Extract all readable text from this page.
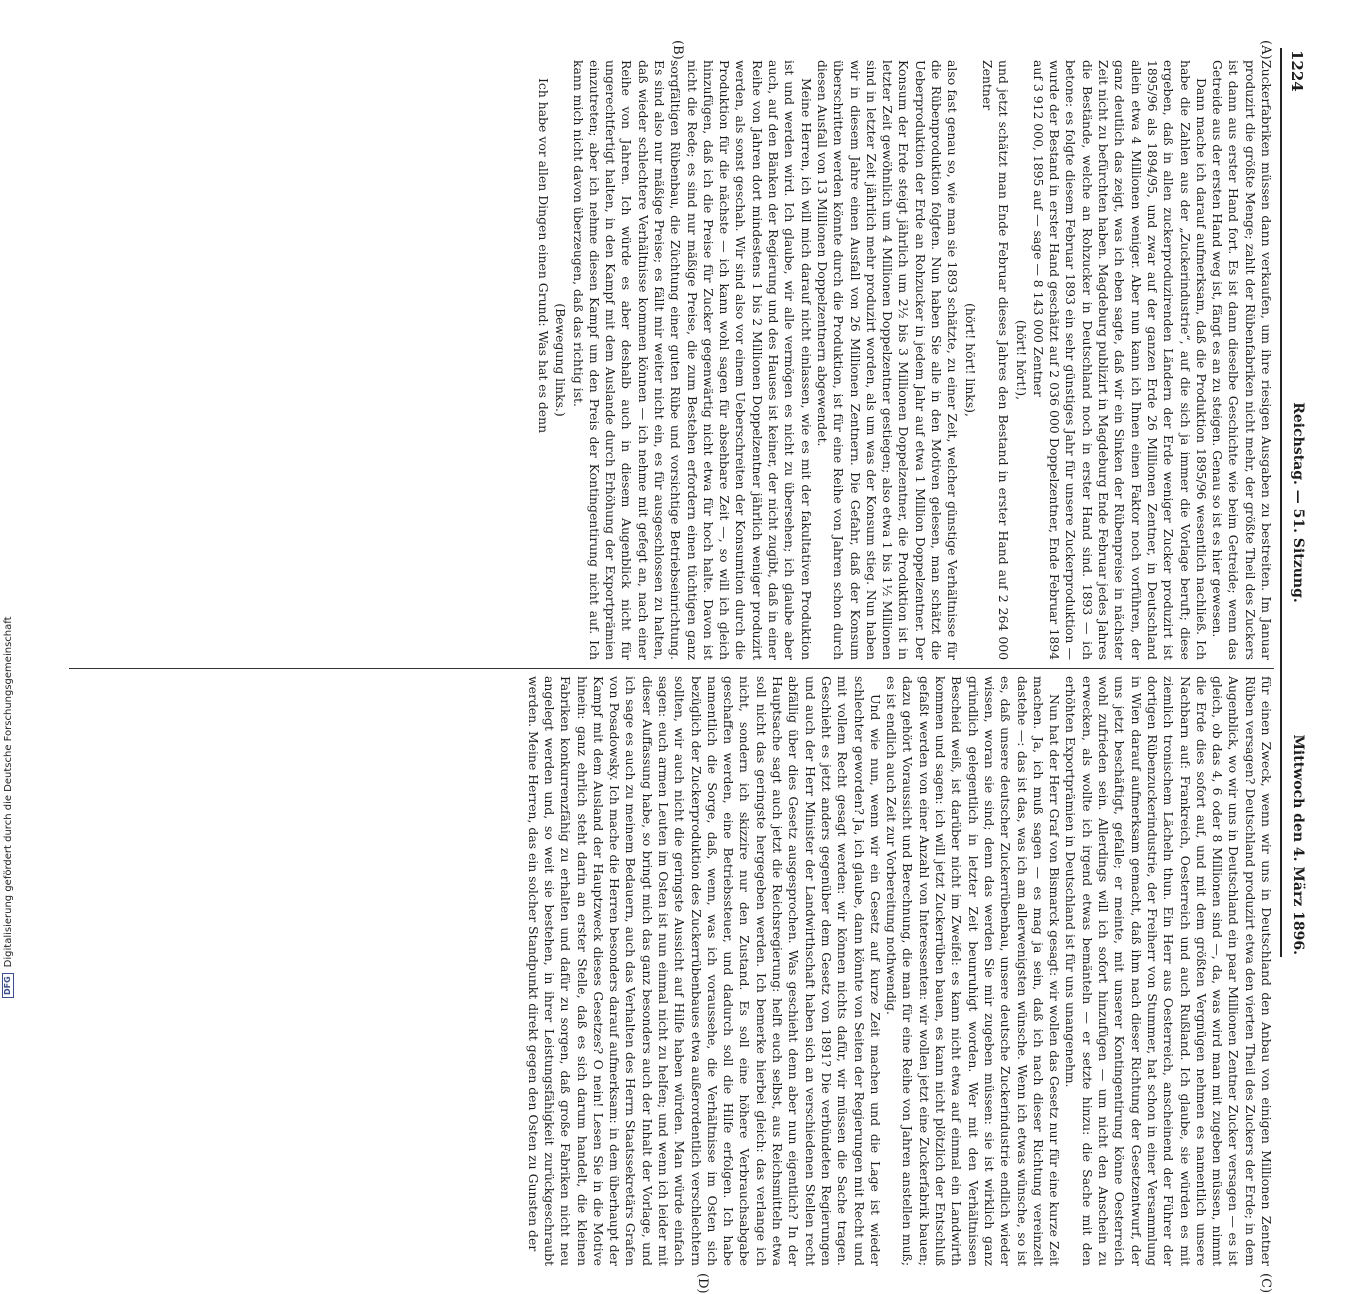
1224
Reichstag. — 51. Sitzung.
Mittwoch den 4. März 1896.
(A)
(B)
(C)
(D)

Zuckerfabriken müssen dann verkaufen, um ihre riesigen Ausgaben zu bestreiten. Im Januar produzirt die größte Menge; zahlt der Rübenfabriken nicht mehr, der größte Theil des Zuckers ist dann aus erster Hand fort. Es ist dann dieselbe Geschichte wie beim Getreide; wenn das Getreide aus der ersten Hand weg ist, fängt es an zu steigen. Genau so ist es hier gewesen.

Dann mache ich darauf aufmerksam, daß die Produktion 1895/96 wesentlich nachließ. Ich habe die Zahlen aus der „Zuckerindustrie“, auf die sich ja immer die Vorlage beruft; diese ergeben, daß in allen zuckerproduzirenden Ländern der Erde weniger Zucker produzirt ist 1895/96 als 1894/95, und zwar auf der ganzen Erde 26 Millionen Zentner, in Deutschland allein etwa 4 Millionen weniger. Aber nun kann ich Ihnen einen Faktor noch vorführen, der ganz deutlich das zeigt, was ich eben sagte, daß wir ein Sinken der Rübenpreise in nächster Zeit nicht zu befürchten haben. Magdeburg publizirt in Magdeburg Ende Februar jedes Jahres die Bestände, welche an Rohzucker in Deutschland noch in erster Hand sind. 1893 — ich betone: es folgte diesem Februar 1893 ein sehr günstiges Jahr für unsere Zuckerproduktion — wurde der Bestand in erster Hand geschätzt auf 2 036 000 Doppelzentner, Ende Februar 1894 auf 3 912 000, 1895 auf — sage — 8 143 000 Zentner

(hört! hört!),

und jetzt schätzt man Ende Februar dieses Jahres den Bestand in erster Hand auf 2 264 000 Zentner

(hört! hört! links),

also fast genau so, wie man sie 1893 schätzte, zu einer Zeit, welcher günstige Verhältnisse für die Rübenproduktion folgten. Nun haben Sie alle in den Motiven gelesen, man schätzt die Ueberproduktion der Erde an Rohzucker in jedem Jahr auf etwa 1 Million Doppelzentner. Der Konsum der Erde steigt jährlich um 2½ bis 3 Millionen Doppelzentner, die Produktion ist in letzter Zeit gewöhnlich um 4 Millionen Doppelzentner gestiegen; also etwa 1 bis 1½ Millionen sind in letzter Zeit jährlich mehr produzirt worden, als um was der Konsum stieg. Nun haben wir in diesem Jahre einen Ausfall von 26 Millionen Zentnern. Die Gefahr, daß der Konsum überschritten werden könnte durch die Produktion, ist für eine Reihe von Jahren schon durch diesen Ausfall von 13 Millionen Doppelzentnern abgewendet.

Meine Herren, ich will mich darauf nicht einlassen, wie es mit der fakultativen Produktion ist und werden wird. Ich glaube, wir alle vermögen es nicht zu übersehen; ich glaube aber auch, auf den Bänken der Regierung und des Hauses ist keiner, der nicht zugibt, daß in einer Reihe von Jahren dort mindestens 1 bis 2 Millionen Doppelzentner jährlich weniger produzirt werden, als sonst geschah. Wir sind also vor einem Ueberschreiten der Konsumtion durch die Produktion für die nächste — ich kann wohl sagen für absehbare Zeit —, so will ich gleich hinzufügen, daß ich die Preise für Zucker gegenwärtig nicht etwa für hoch halte. Davon ist nicht die Rede; es sind nur mäßige Preise, die zum Bestehen erfordern einen tüchtigen ganz sorgfältigen Rübenbau, die Züchtung einer guten Rübe und vorsichtige Betriebseinrichtung. Es sind also nur mäßige Preise; es fällt mir weiter nicht ein, es für ausgeschlossen zu halten, daß wieder schlechtere Verhältnisse kommen können — ich nehme mit gefegt an, nach einer Reihe von Jahren. Ich würde es aber deshalb auch in diesem Augenblick nicht für ungerechtfertigt halten, in den Kampf mit dem Auslande durch Erhöhung der Exportprämien einzutreten; aber ich nehme diesen Kampf um den Preis der Kontingentirung nicht auf. Ich kann mich nicht davon überzeugen, daß das richtig ist.

(Bewegung links.)

Ich habe vor allen Dingen einen Grund: Was hat es denn

für einen Zweck, wenn wir uns in Deutschland den Anbau von einigen Millionen Zentner Rüben versagen? Deutschland produzirt etwa den vierten Theil des Zuckers der Erde; in dem Augenblick, wo wir uns in Deutschland ein paar Millionen Zentner Zucker versagen — es ist gleich, ob das 4, 6 oder 8 Millionen sind —, da, was wird man mit zugeben müssen, nimmt die Erde dies sofort auf, und mit dem größten Vergnügen nehmen es namentlich unsere Nachbarn auf: Frankreich, Oesterreich und auch Rußland. Ich glaube, sie würden es mit ziemlich tronischem Lächeln thun. Ein Herr aus Oesterreich, anscheinend der Führer der dortigen Rübenzuckerindustrie, der Freiherr von Stummer, hat schon in einer Versammlung in Wien darauf aufmerksam gemacht, daß ihm nach dieser Richtung der Gesetzentwurf, der uns jetzt beschäftigt, gefalle; er meinte, mit unserer Kontingentirung könne Oesterreich wohl zufrieden sein. Allerdings will ich sofort hinzufügen — um nicht den Anschein zu erwecken, als wollte ich irgend etwas bemänteln — er setzte hinzu: die Sache mit den erhöhten Exportprämien in Deutschland ist für uns unangenehm.

Nun hat der Herr Graf von Bismarck gesagt: wir wollen das Gesetz nur für eine kurze Zeit machen. Ja, ich muß sagen — es mag ja sein, daß ich nach dieser Richtung vereinzelt dastehe —: das ist das, was ich am allerwenigsten wünsche. Wenn ich etwas wünsche, so ist es, daß unsere deutscher Zuckerrübenbau, unsere deutsche Zuckerindustrie endlich wieder wissen, woran sie sind; denn das werden Sie mir zugeben müssen: sie ist wirklich ganz gründlich gelegentlich in letzter Zeit beunruhigt worden. Wer mit den Verhältnissen Bescheid weiß, ist darüber nicht im Zweifel: es kann nicht etwa auf einmal ein Landwirth kommen und sagen: ich will jetzt Zuckerrüben bauen, es kann nicht plötzlich der Entschluß gefaßt werden von einer Anzahl von Interessenten: wir wollen jetzt eine Zuckerfabrik bauen; dazu gehört Voraussicht und Berechnung, die man für eine Reihe von Jahren anstellen muß; es ist endlich auch Zeit zur Vorbereitung nothwendig.

Und wie nun, wenn wir ein Gesetz auf kurze Zeit machen und die Lage ist wieder schlechter geworden? Ja, ich glaube, dann könnte von Seiten der Regierungen mit Recht und mit vollem Recht gesagt werden: wir können nichts dafür, wir müssen die Sache tragen. Geschieht es jetzt anders gegenüber dem Gesetz von 1891? Die verbündeten Regierungen und auch der Herr Minister der Landwirthschaft haben sich an verschiedenen Stellen recht abfällig über dies Gesetz ausgesprochen. Was geschieht denn aber nun eigentlich? In der Hauptsache sagt auch jetzt die Reichsregierung: helft euch selbst, aus Reichsmitteln etwa soll nicht das geringste hergegeben werden. Ich bemerke hierbei gleich: das verlange ich nicht, sondern ich skizzire nur den Zustand. Es soll eine höhere Verbrauchsabgabe geschaffen werden, eine Betriebssteuer, und dadurch soll die Hilfe erfolgen. Ich habe namentlich die Sorge, daß, wenn, was ich voraussehe, die Verhältnisse im Osten sich bezüglich der Zuckerproduktion des Zuckerrübenbaues etwa außerordentlich verschlechtern sollten, wir auch nicht die geringste Aussicht auf Hilfe haben würden. Man würde einfach sagen: euch armen Leuten im Osten ist nun einmal nicht zu helfen; und wenn ich leider mit dieser Auffassung habe, so bringt mich das ganz besonders auch der Inhalt der Vorlage, und ich sage es auch zu meinem Bedauern, auch das Verhalten des Herrn Staatssekretärs Grafen von Posadowsky. Ich mache die Herren besonders darauf aufmerksam: in dem überhaupt der Kampf mit dem Ausland der Hauptzweck dieses Gesetzes? O nein! Lesen Sie in die Motive hinein: ganz ehrlich steht darin an erster Stelle, daß es sich darum handelt, die kleinen Fabriken konkurrenzfähig zu erhalten und dafür zu sorgen, daß große Fabriken nicht neu angelegt werden und, so weit sie bestehen, in ihrer Leistungsfähigkeit zurückgeschraubt werden. Meine Herren, das ein solcher Standpunkt direkt gegen den Osten zu Gunsten der

DFG
Digitalisierung gefördert durch die Deutsche Forschungsgemeinschaft
